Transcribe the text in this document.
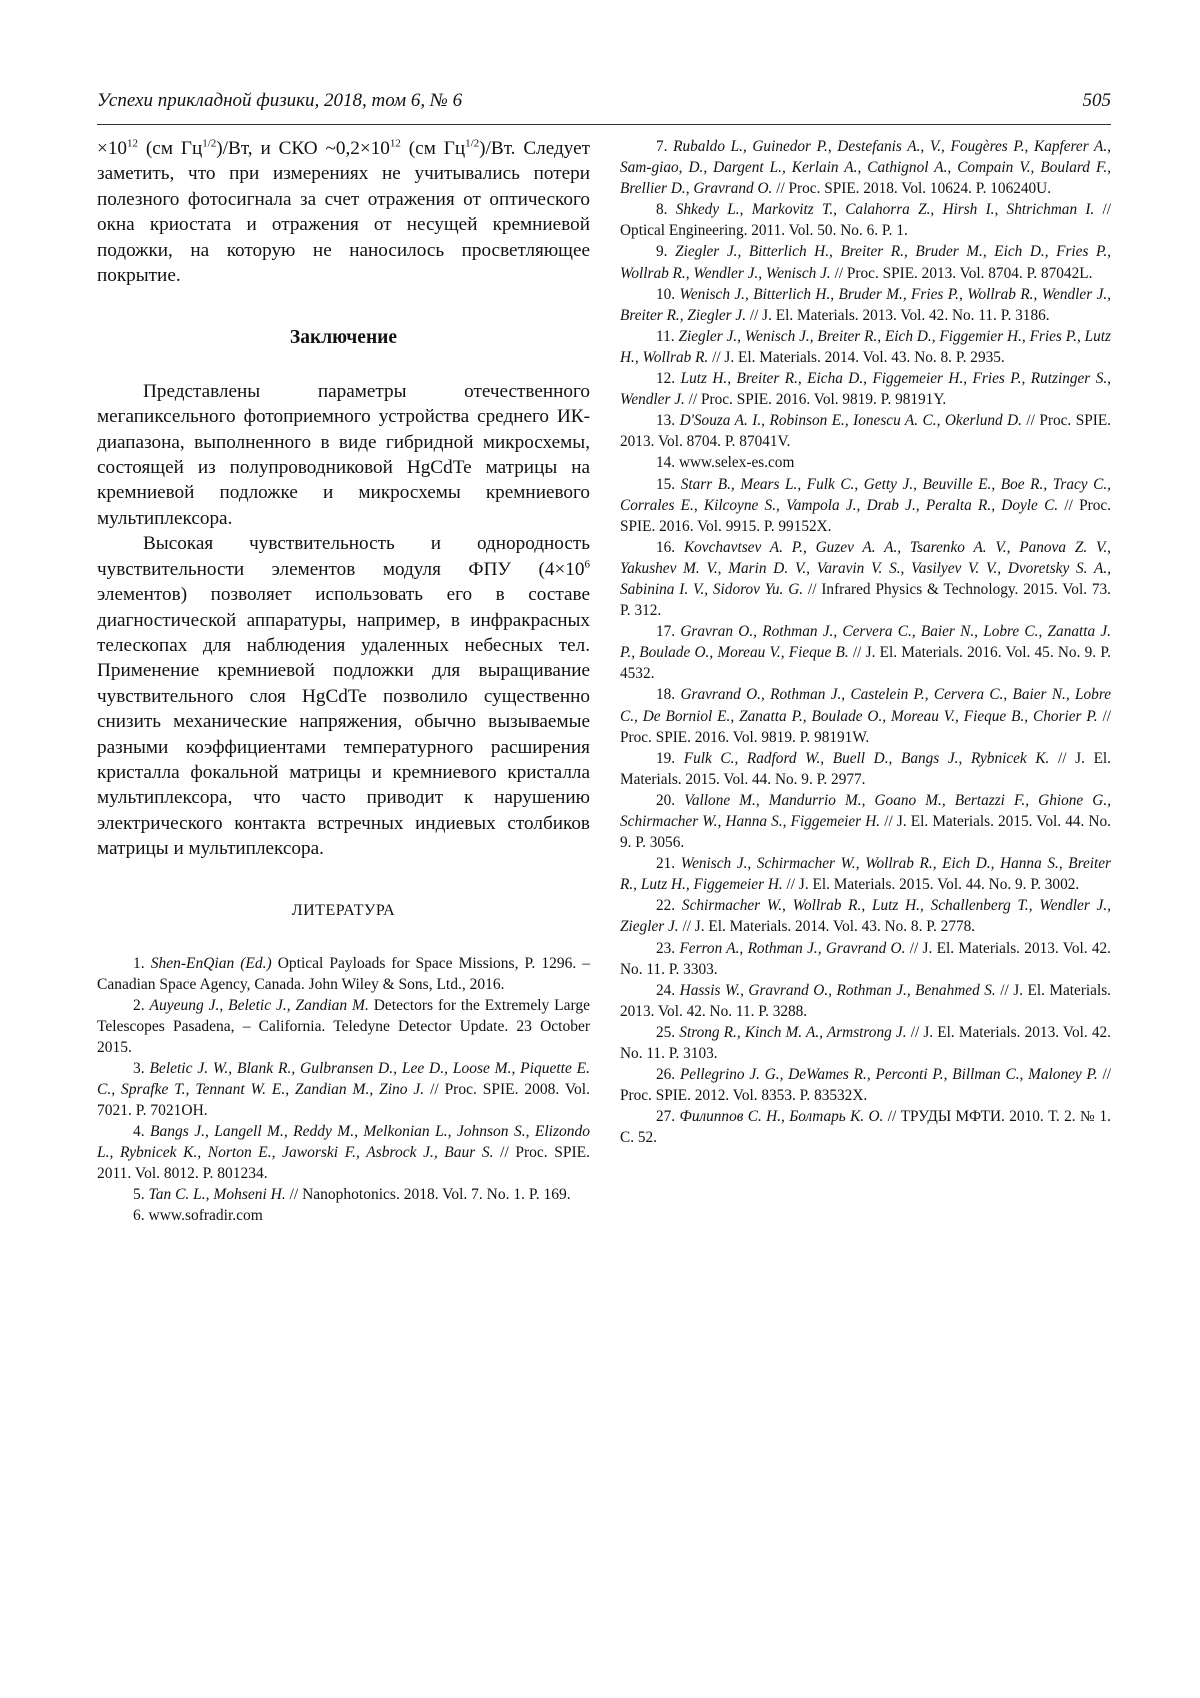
Успехи прикладной физики, 2018, том 6, № 6	505

×1012 (см Гц1/2)/Вт, и СКО ~0,2×1012 (см Гц1/2)/Вт. Следует заметить, что при измерениях не учитывались потери полезного фотосигнала за счет отражения от оптического окна криостата и отражения от несущей кремниевой подожки, на которую не наносилось просветляющее покрытие.

Заключение

Представлены параметры отечественного мегапиксельного фотоприемного устройства среднего ИК-диапазона, выполненного в виде гибридной микросхемы, состоящей из полупроводниковой HgCdTe матрицы на кремниевой подложке и микросхемы кремниевого мультиплексора.

Высокая чувствительность и однородность чувствительности элементов модуля ФПУ (4×106 элементов) позволяет использовать его в составе диагностической аппаратуры, например, в инфракрасных телескопах для наблюдения удаленных небесных тел. Применение кремниевой подложки для выращивание чувствительного слоя HgCdTe позволило существенно снизить механические напряжения, обычно вызываемые разными коэффициентами температурного расширения кристалла фокальной матрицы и кремниевого кристалла мультиплексора, что часто приводит к нарушению электрического контакта встречных индиевых столбиков матрицы и мультиплексора.

ЛИТЕРАТУРА

1. Shen-EnQian (Ed.) Optical Payloads for Space Missions, P. 1296. – Canadian Space Agency, Canada. John Wiley & Sons, Ltd., 2016.

2. Auyeung J., Beletic J., Zandian M. Detectors for the Extremely Large Telescopes Pasadena, – California. Teledyne Detector Update. 23 October 2015.

3. Beletic J. W., Blank R., Gulbransen D., Lee D., Loose M., Piquette E. C., Sprafke T., Tennant W. E., Zandian M., Zino J. // Proc. SPIE. 2008. Vol. 7021. P. 7021OH.

4. Bangs J., Langell M., Reddy M., Melkonian L., Johnson S., Elizondo L., Rybnicek K., Norton E., Jaworski F., Asbrock J., Baur S. // Proc. SPIE. 2011. Vol. 8012. P. 801234.

5. Tan C. L., Mohseni H. // Nanophotonics. 2018. Vol. 7. No. 1. P. 169.

6. www.sofradir.com

7. Rubaldo L., Guinedor P., Destefanis A., V., Fougères P., Kapferer A., Sam-giao, D., Dargent L., Kerlain A., Cathignol A., Compain V., Boulard F., Brellier D., Gravrand O. // Proc. SPIE. 2018. Vol. 10624. P. 106240U.

8. Shkedy L., Markovitz T., Calahorra Z., Hirsh I., Shtrichman I. // Optical Engineering. 2011. Vol. 50. No. 6. P. 1.

9. Ziegler J., Bitterlich H., Breiter R., Bruder M., Eich D., Fries P., Wollrab R., Wendler J., Wenisch J. // Proc. SPIE. 2013. Vol. 8704. P. 87042L.

10. Wenisch J., Bitterlich H., Bruder M., Fries P., Wollrab R., Wendler J., Breiter R., Ziegler J. // J. El. Materials. 2013. Vol. 42. No. 11. P. 3186.

11. Ziegler J., Wenisch J., Breiter R., Eich D., Figgemier H., Fries P., Lutz H., Wollrab R. // J. El. Materials. 2014. Vol. 43. No. 8. P. 2935.

12. Lutz H., Breiter R., Eicha D., Figgemeier H., Fries P., Rutzinger S., Wendler J. // Proc. SPIE. 2016. Vol. 9819. P. 98191Y.

13. D'Souza A. I., Robinson E., Ionescu A. C., Okerlund D. // Proc. SPIE. 2013. Vol. 8704. P. 87041V.

14. www.selex-es.com

15. Starr B., Mears L., Fulk C., Getty J., Beuville E., Boe R., Tracy C., Corrales E., Kilcoyne S., Vampola J., Drab J., Peralta R., Doyle C. // Proc. SPIE. 2016. Vol. 9915. P. 99152X.

16. Kovchavtsev A. P., Guzev A. A., Tsarenko A. V., Panova Z. V., Yakushev M. V., Marin D. V., Varavin V. S., Vasilyev V. V., Dvoretsky S. A., Sabinina I. V., Sidorov Yu. G. // Infrared Physics & Technology. 2015. Vol. 73. P. 312.

17. Gravran O., Rothman J., Cervera C., Baier N., Lobre C., Zanatta J. P., Boulade O., Moreau V., Fieque B. // J. El. Materials. 2016. Vol. 45. No. 9. P. 4532.

18. Gravrand O., Rothman J., Castelein P., Cervera C., Baier N., Lobre C., De Borniol E., Zanatta P., Boulade O., Moreau V., Fieque B., Chorier P. // Proc. SPIE. 2016. Vol. 9819. P. 98191W.

19. Fulk C., Radford W., Buell D., Bangs J., Rybnicek K. // J. El. Materials. 2015. Vol. 44. No. 9. P. 2977.

20. Vallone M., Mandurrio M., Goano M., Bertazzi F., Ghione G., Schirmacher W., Hanna S., Figgemeier H. // J. El. Materials. 2015. Vol. 44. No. 9. P. 3056.

21. Wenisch J., Schirmacher W., Wollrab R., Eich D., Hanna S., Breiter R., Lutz H., Figgemeier H. // J. El. Materials. 2015. Vol. 44. No. 9. P. 3002.

22. Schirmacher W., Wollrab R., Lutz H., Schallenberg T., Wendler J., Ziegler J. // J. El. Materials. 2014. Vol. 43. No. 8. P. 2778.

23. Ferron A., Rothman J., Gravrand O. // J. El. Materials. 2013. Vol. 42. No. 11. P. 3303.

24. Hassis W., Gravrand O., Rothman J., Benahmed S. // J. El. Materials. 2013. Vol. 42. No. 11. P. 3288.

25. Strong R., Kinch M. A., Armstrong J. // J. El. Materials. 2013. Vol. 42. No. 11. P. 3103.

26. Pellegrino J. G., DeWames R., Perconti P., Billman C., Maloney P. // Proc. SPIE. 2012. Vol. 8353. P. 83532X.

27. Филиппов С. Н., Болтарь К. О. // ТРУДЫ МФТИ. 2010. Т. 2. № 1. С. 52.
